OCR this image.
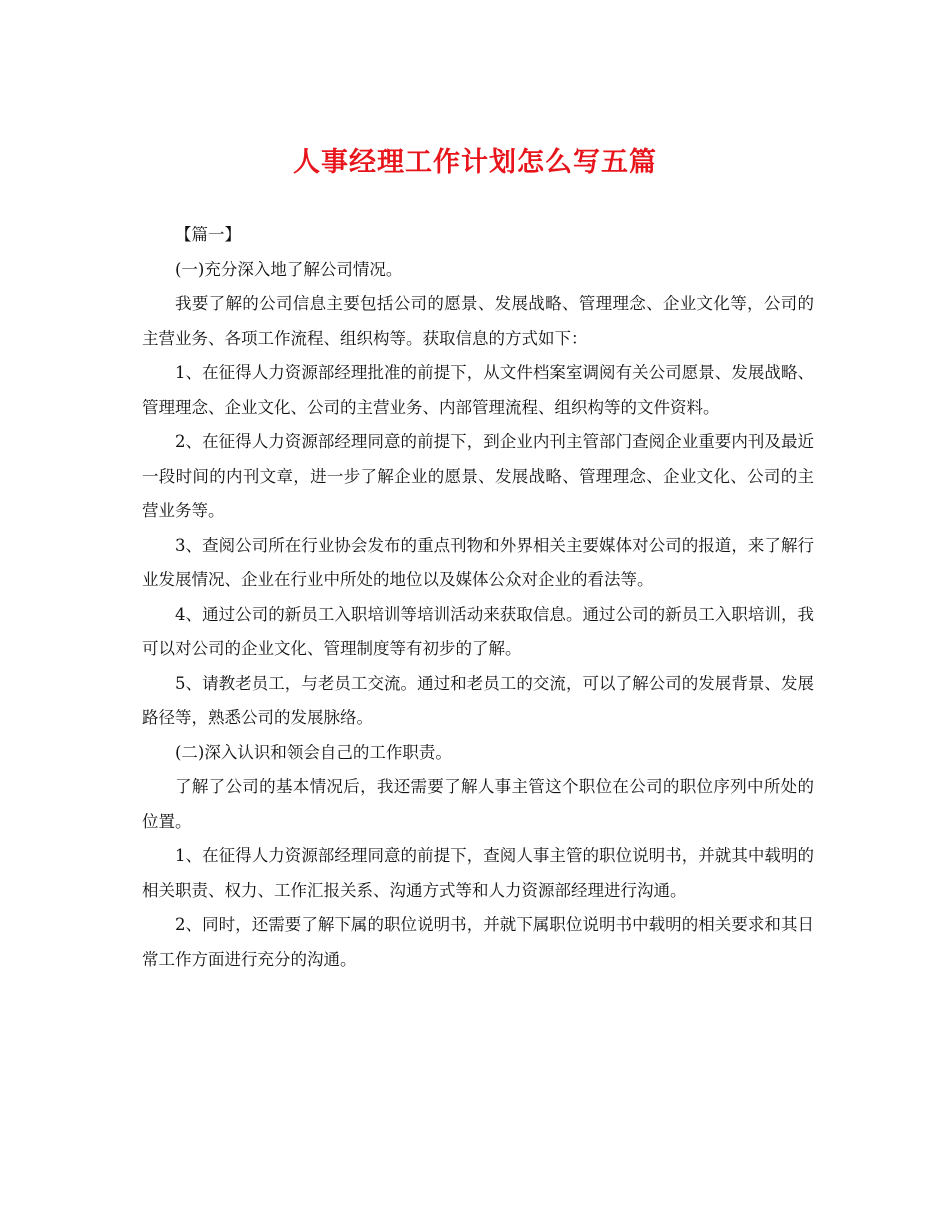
人事经理工作计划怎么写五篇

【篇一】

(一)充分深入地了解公司情况。

我要了解的公司信息主要包括公司的愿景、发展战略、管理理念、企业文化等，公司的主营业务、各项工作流程、组织构等。获取信息的方式如下：

1、在征得人力资源部经理批准的前提下，从文件档案室调阅有关公司愿景、发展战略、管理理念、企业文化、公司的主营业务、内部管理流程、组织构等的文件资料。

2、在征得人力资源部经理同意的前提下，到企业内刊主管部门查阅企业重要内刊及最近一段时间的内刊文章，进一步了解企业的愿景、发展战略、管理理念、企业文化、公司的主营业务等。

3、查阅公司所在行业协会发布的重点刊物和外界相关主要媒体对公司的报道，来了解行业发展情况、企业在行业中所处的地位以及媒体公众对企业的看法等。

4、通过公司的新员工入职培训等培训活动来获取信息。通过公司的新员工入职培训，我可以对公司的企业文化、管理制度等有初步的了解。

5、请教老员工，与老员工交流。通过和老员工的交流，可以了解公司的发展背景、发展路径等，熟悉公司的发展脉络。

(二)深入认识和领会自己的工作职责。

了解了公司的基本情况后，我还需要了解人事主管这个职位在公司的职位序列中所处的位置。

1、在征得人力资源部经理同意的前提下，查阅人事主管的职位说明书，并就其中载明的相关职责、权力、工作汇报关系、沟通方式等和人力资源部经理进行沟通。

2、同时，还需要了解下属的职位说明书，并就下属职位说明书中载明的相关要求和其日常工作方面进行充分的沟通。
